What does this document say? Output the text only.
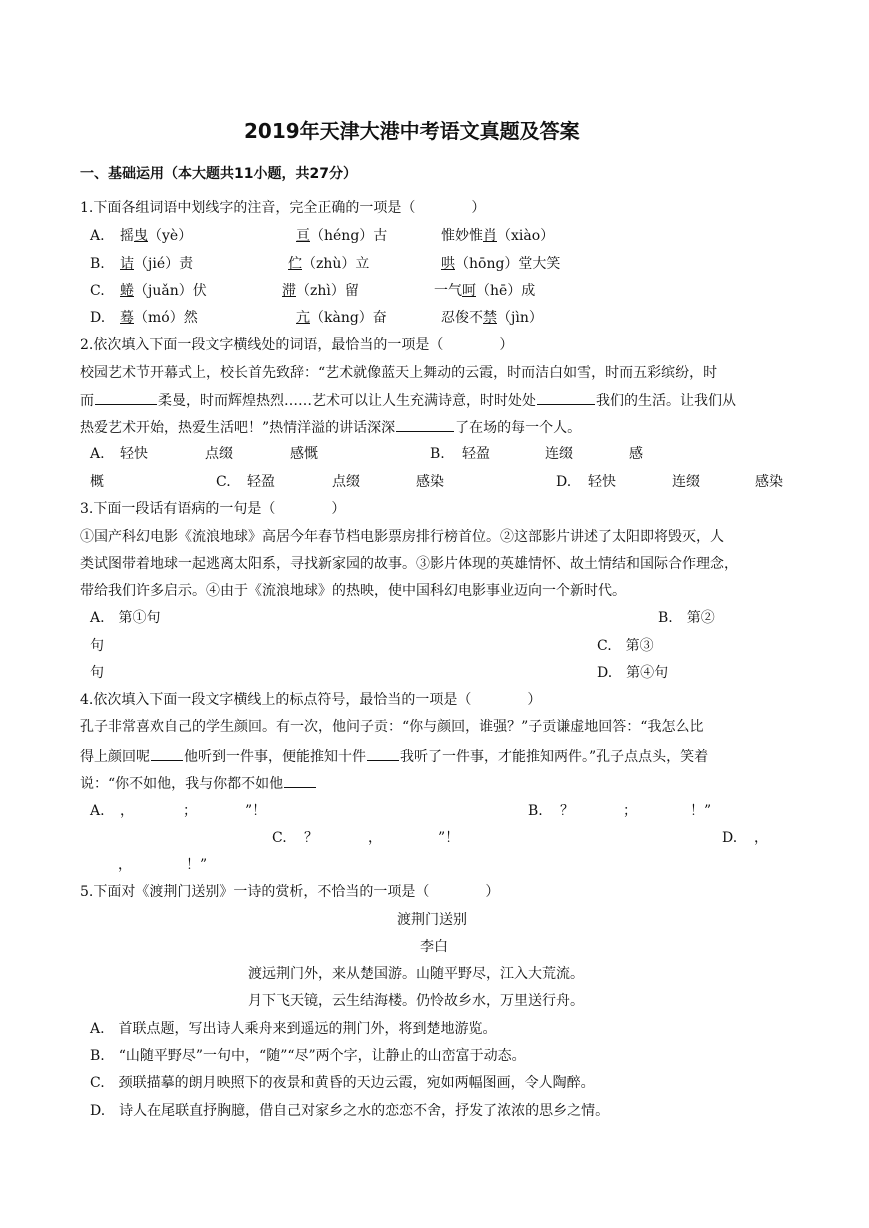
2019年天津大港中考语文真题及答案
一、基础运用（本大题共11小题，共27分）
1.下面各组词语中划线字的注音，完全正确的一项是（　　　　）
A. 摇曳（yè）	亘（héng）古	惟妙惟肖（xiào）
B. 诘（jié）责	伫（zhù）立	哄（hōng）堂大笑
C. 蜷（juǎn）伏	滞（zhì）留	一气呵（hē）成
D. 蓦（mó）然	亢（kàng）奋	忍俊不禁（jìn）
2.依次填入下面一段文字横线处的词语，最恰当的一项是（　　　　）
校园艺术节开幕式上，校长首先致辞：“艺术就像蓝天上舞动的云霞，时而洁白如雪，时而五彩缤纷，时
而	柔曼，时而辉煌热烈……艺术可以让人生充满诗意，时时处处	我们的生活。让我们从
热爱艺术开始，热爱生活吧！”热情洋溢的讲话深深	了在场的每一个人。
A. 轻快	点缀	感慨	B. 轻盈	连缀	感
概	C. 轻盈	点缀	感染	D. 轻快	连缀	感染
3.下面一段话有语病的一句是（　　　　）
①国产科幻电影《流浪地球》高居今年春节档电影票房排行榜首位。②这部影片讲述了太阳即将毁灭，人
类试图带着地球一起逃离太阳系，寻找新家园的故事。③影片体现的英雄情怀、故土情结和国际合作理念，
带给我们许多启示。④由于《流浪地球》的热映，使中国科幻电影事业迈向一个新时代。
A.　第①句	B.　第②
句	C.　第③
句	D.　第④句
4.依次填入下面一段文字横线上的标点符号，最恰当的一项是（　　　　）
孔子非常喜欢自己的学生颜回。有一次，他问子贡：“你与颜回，谁强？”子贡谦虚地回答：“我怎么比
得上颜回呢 他听到一件事，便能推知十件 我听了一件事，才能推知两件。”孔子点点头，笑着
说：“你不如他，我与你都不如他
A. ，	；	”！	B. ？	；	！”
C. ？	，	”！	D. ，
，	！”
5.下面对《渡荆门送别》一诗的赏析，不恰当的一项是（　　　　）
渡荆门送别
李白
渡远荆门外，来从楚国游。山随平野尽，江入大荒流。
月下飞天镜，云生结海楼。仍怜故乡水，万里送行舟。
A.　首联点题，写出诗人乘舟来到遥远的荆门外，将到楚地游览。
B.　“山随平野尽”一句中，“随”“尽”两个字，让静止的山峦富于动态。
C.　颈联描摹的朗月映照下的夜景和黄昏的天边云霞，宛如两幅图画，令人陶醉。
D.　诗人在尾联直抒胸臆，借自己对家乡之水的恋恋不舍，抒发了浓浓的思乡之情。
